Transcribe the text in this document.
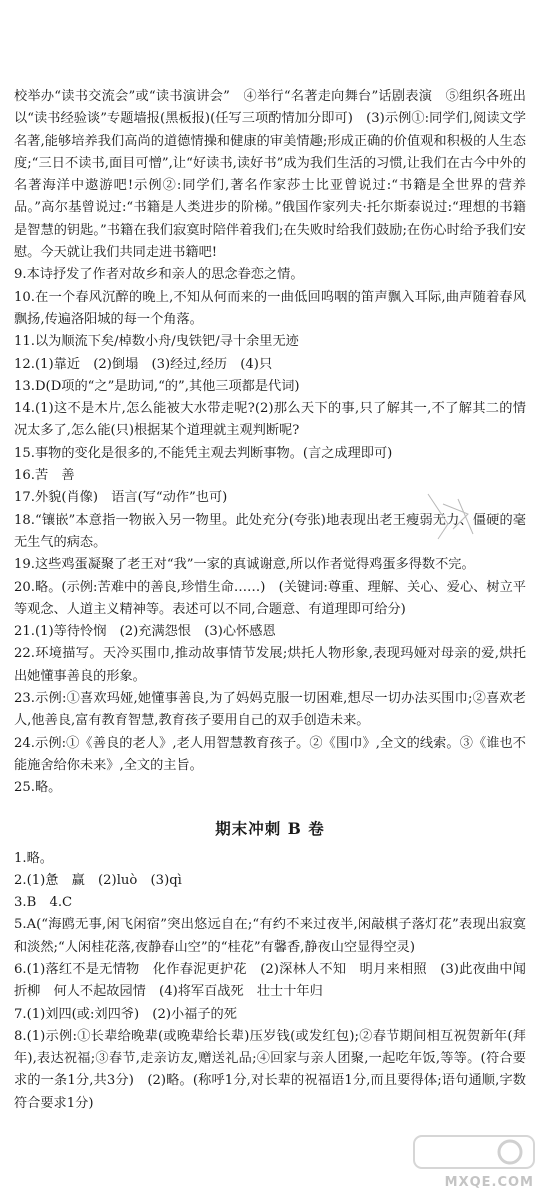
校举办“读书交流会”或“读书演讲会”　④举行“名著走向舞台”话剧表演　⑤组织各班出以“读书经验谈”专题墙报(黑板报)(任写三项酌情加分即可)　(3)示例①:同学们,阅读文学名著,能够培养我们高尚的道德情操和健康的审美情趣;形成正确的价值观和积极的人生态度;“三日不读书,面目可憎”,让“好读书,读好书”成为我们生活的习惯,让我们在古今中外的名著海洋中遨游吧!示例②:同学们,著名作家莎士比亚曾说过:“书籍是全世界的营养品。”高尔基曾说过:“书籍是人类进步的阶梯。”俄国作家列夫·托尔斯泰说过:“理想的书籍是智慧的钥匙。”书籍在我们寂寞时陪伴着我们;在失败时给我们鼓励;在伤心时给予我们安慰。今天就让我们共同走进书籍吧!

9.本诗抒发了作者对故乡和亲人的思念眷恋之情。

10.在一个春风沉醉的晚上,不知从何而来的一曲低回呜咽的笛声飘入耳际,曲声随着春风飘扬,传遍洛阳城的每一个角落。

11.以为顺流下矣/棹数小舟/曳铁钯/寻十余里无迹

12.(1)靠近　(2)倒塌　(3)经过,经历　(4)只

13.D(D项的“之”是助词,“的”,其他三项都是代词)

14.(1)这不是木片,怎么能被大水带走呢?(2)那么天下的事,只了解其一,不了解其二的情况太多了,怎么能(只)根据某个道理就主观判断呢?

15.事物的变化是很多的,不能凭主观去判断事物。(言之成理即可)

16.苦　善

17.外貌(肖像)　语言(写“动作”也可)

18.“镶嵌”本意指一物嵌入另一物里。此处充分(夸张)地表现出老王瘦弱无力、僵硬的毫无生气的病态。

19.这些鸡蛋凝聚了老王对“我”一家的真诚谢意,所以作者觉得鸡蛋多得数不完。

20.略。(示例:苦难中的善良,珍惜生命……)　(关键词:尊重、理解、关心、爱心、树立平等观念、人道主义精神等。表述可以不同,合题意、有道理即可给分)

21.(1)等待怜悯　(2)充满怨恨　(3)心怀感恩

22.环境描写。天冷买围巾,推动故事情节发展;烘托人物形象,表现玛娅对母亲的爱,烘托出她懂事善良的形象。

23.示例:①喜欢玛娅,她懂事善良,为了妈妈克服一切困难,想尽一切办法买围巾;②喜欢老人,他善良,富有教育智慧,教育孩子要用自己的双手创造未来。

24.示例:①《善良的老人》,老人用智慧教育孩子。②《围巾》,全文的线索。③《谁也不能施舍给你未来》,全文的主旨。

25.略。

期末冲刺 B 卷

1.略。

2.(1)惫　赢　(2)luò　(3)qì

3.B　4.C

5.A(“海鸥无事,闲飞闲宿”突出悠远自在;“有约不来过夜半,闲敲棋子落灯花”表现出寂寞和淡然;“人闲桂花落,夜静春山空”的“桂花”有馨香,静夜山空显得空灵)

6.(1)落红不是无情物　化作春泥更护花　(2)深林人不知　明月来相照　(3)此夜曲中闻折柳　何人不起故园情　(4)将军百战死　壮士十年归

7.(1)刘四(或:刘四爷)　(2)小福子的死

8.(1)示例:①长辈给晚辈(或晚辈给长辈)压岁钱(或发红包);②春节期间相互祝贺新年(拜年),表达祝福;③春节,走亲访友,赠送礼品;④回家与亲人团聚,一起吃年饭,等等。(符合要求的一条1分,共3分)　(2)略。(称呼1分,对长辈的祝福语1分,而且要得体;语句通顺,字数符合要求1分)

MXQE.COM
